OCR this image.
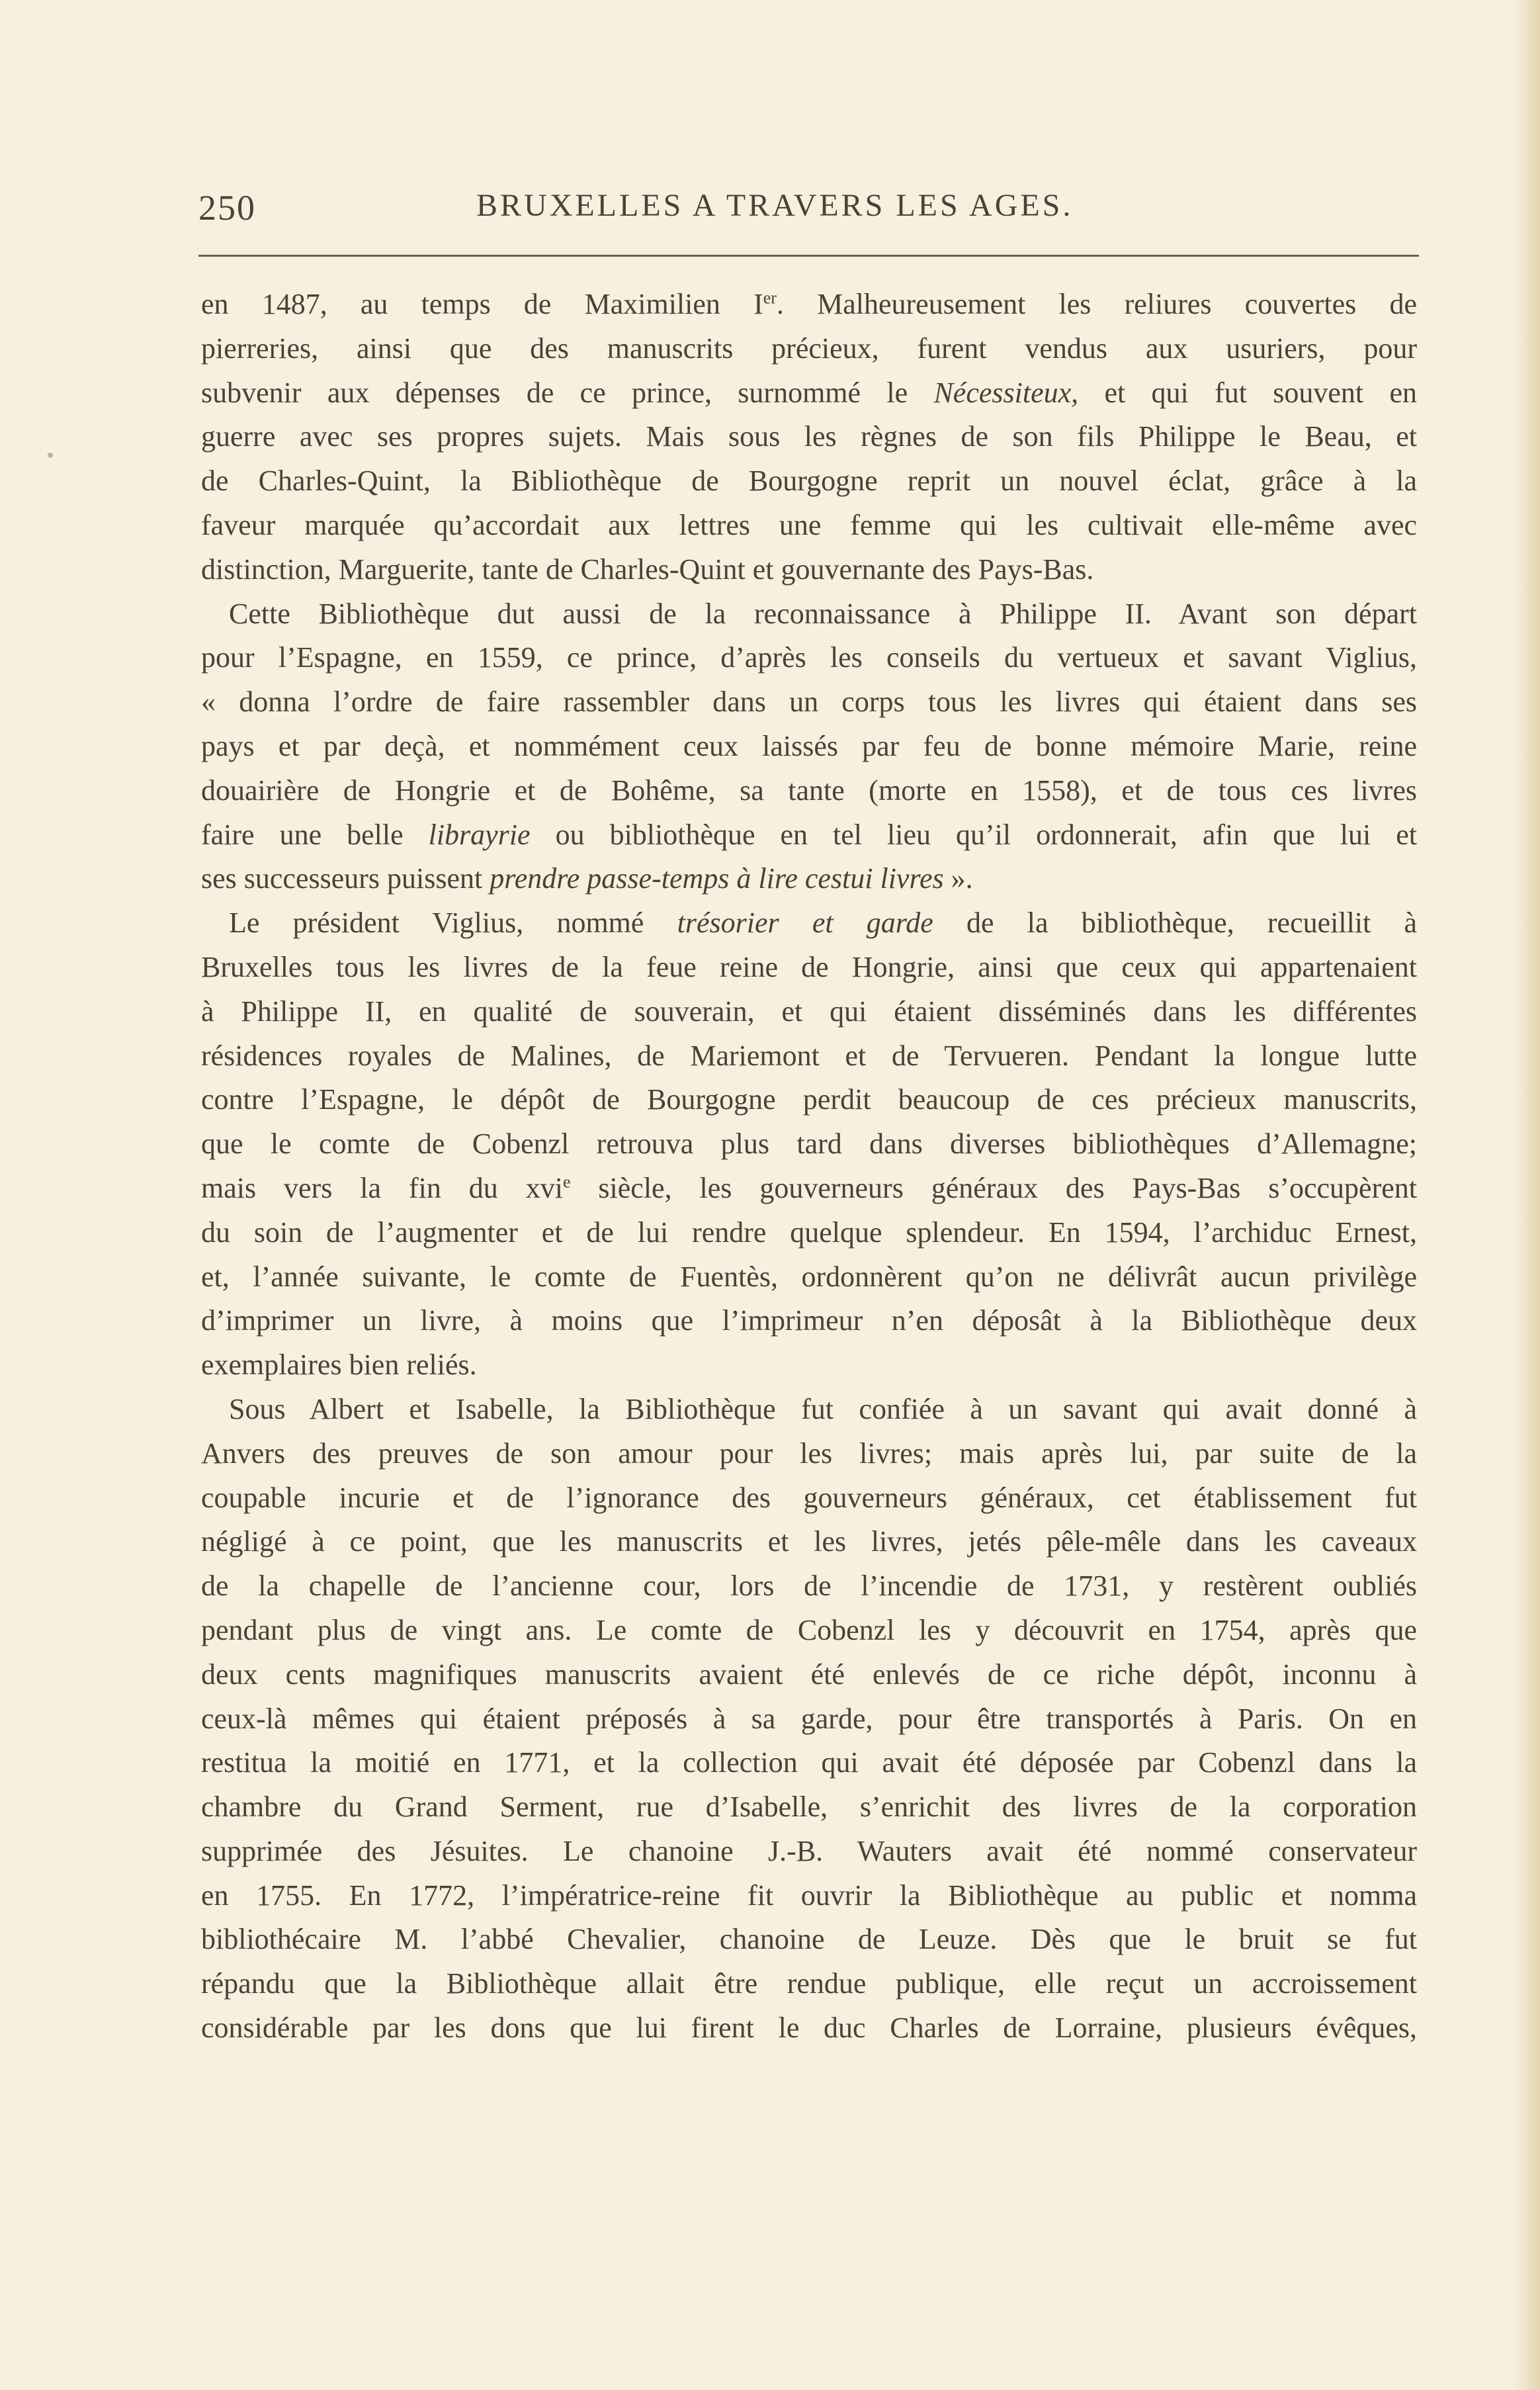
250	BRUXELLES A TRAVERS LES AGES.
en 1487, au temps de Maximilien Ier. Malheureusement les reliures couvertes de
pierreries, ainsi que des manuscrits précieux, furent vendus aux usuriers, pour
subvenir aux dépenses de ce prince, surnommé le Nécessiteux, et qui fut souvent en
guerre avec ses propres sujets. Mais sous les règnes de son fils Philippe le Beau, et
de Charles-Quint, la Bibliothèque de Bourgogne reprit un nouvel éclat, grâce à la
faveur marquée qu’accordait aux lettres une femme qui les cultivait elle-même avec
distinction, Marguerite, tante de Charles-Quint et gouvernante des Pays-Bas.
Cette Bibliothèque dut aussi de la reconnaissance à Philippe II. Avant son départ
pour l’Espagne, en 1559, ce prince, d’après les conseils du vertueux et savant Viglius,
« donna l’ordre de faire rassembler dans un corps tous les livres qui étaient dans ses
pays et par deçà, et nommément ceux laissés par feu de bonne mémoire Marie, reine
douairière de Hongrie et de Bohême, sa tante (morte en 1558), et de tous ces livres
faire une belle librayrie ou bibliothèque en tel lieu qu’il ordonnerait, afin que lui et
ses successeurs puissent prendre passe-temps à lire cestui livres ».
Le président Viglius, nommé trésorier et garde de la bibliothèque, recueillit à
Bruxelles tous les livres de la feue reine de Hongrie, ainsi que ceux qui appartenaient
à Philippe II, en qualité de souverain, et qui étaient disséminés dans les différentes
résidences royales de Malines, de Mariemont et de Tervueren. Pendant la longue lutte
contre l’Espagne, le dépôt de Bourgogne perdit beaucoup de ces précieux manuscrits,
que le comte de Cobenzl retrouva plus tard dans diverses bibliothèques d’Allemagne;
mais vers la fin du xvi$^e$ siècle, les gouverneurs généraux des Pays-Bas s’occupèrent
du soin de l’augmenter et de lui rendre quelque splendeur. En 1594, l’archiduc Ernest,
et, l’année suivante, le comte de Fuentès, ordonnèrent qu’on ne délivrât aucun privilège
d’imprimer un livre, à moins que l’imprimeur n’en déposât à la Bibliothèque deux
exemplaires bien reliés.
Sous Albert et Isabelle, la Bibliothèque fut confiée à un savant qui avait donné à
Anvers des preuves de son amour pour les livres; mais après lui, par suite de la
coupable incurie et de l’ignorance des gouverneurs généraux, cet établissement fut
négligé à ce point, que les manuscrits et les livres, jetés pêle-mêle dans les caveaux
de la chapelle de l’ancienne cour, lors de l’incendie de 1731, y restèrent oubliés
pendant plus de vingt ans. Le comte de Cobenzl les y découvrit en 1754, après que
deux cents magnifiques manuscrits avaient été enlevés de ce riche dépôt, inconnu à
ceux-là mêmes qui étaient préposés à sa garde, pour être transportés à Paris. On en
restitua la moitié en 1771, et la collection qui avait été déposée par Cobenzl dans la
chambre du Grand Serment, rue d’Isabelle, s’enrichit des livres de la corporation
supprimée des Jésuites. Le chanoine J.-B. Wauters avait été nommé conservateur
en 1755. En 1772, l’impératrice-reine fit ouvrir la Bibliothèque au public et nomma
bibliothécaire M. l’abbé Chevalier, chanoine de Leuze. Dès que le bruit se fut
répandu que la Bibliothèque allait être rendue publique, elle reçut un accroissement
considérable par les dons que lui firent le duc Charles de Lorraine, plusieurs évêques,
